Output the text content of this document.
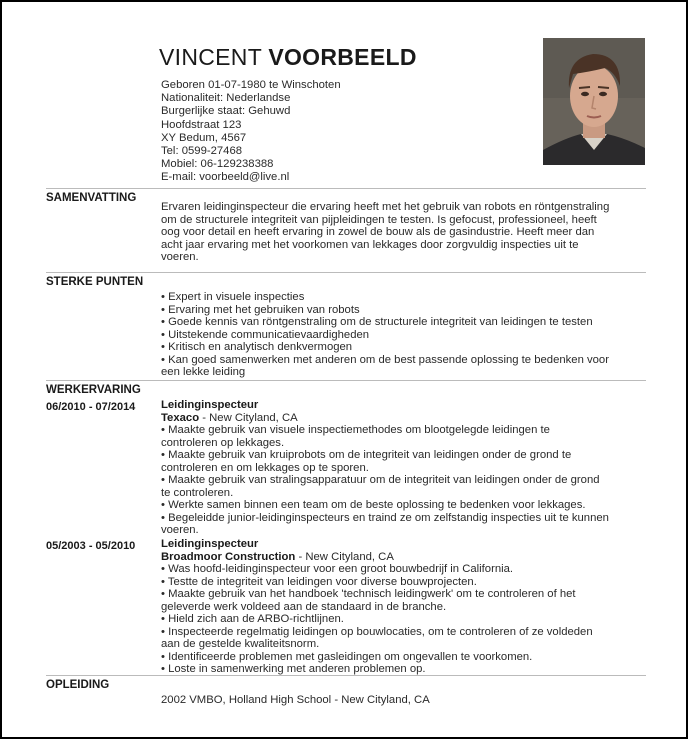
VINCENT VOORBEELD
Geboren 01-07-1980 te Winschoten
Nationaliteit: Nederlandse
Burgerlijke staat: Gehuwd
Hoofdstraat 123
XY Bedum, 4567
Tel: 0599-27468
Mobiel: 06-129238388
E-mail: voorbeeld@live.nl
SAMENVATTING
Ervaren leidinginspecteur die ervaring heeft met het gebruik van robots en röntgenstraling
om de structurele integriteit van pijpleidingen te testen. Is gefocust, professioneel, heeft
oog voor detail en heeft ervaring in zowel de bouw als de gasindustrie. Heeft meer dan
acht jaar ervaring met het voorkomen van lekkages door zorgvuldig inspecties uit te
voeren.
STERKE PUNTEN
• Expert in visuele inspecties
• Ervaring met het gebruiken van robots
• Goede kennis van röntgenstraling om de structurele integriteit van leidingen te testen
• Uitstekende communicatievaardigheden
• Kritisch en analytisch denkvermogen
• Kan goed samenwerken met anderen om de best passende oplossing te bedenken voor
een lekke leiding
WERKERVARING
06/2010 - 07/2014 Leidinginspecteur
Texaco - New Cityland, CA
• Maakte gebruik van visuele inspectiemethodes om blootgelegde leidingen te
controleren op lekkages.
• Maakte gebruik van kruiprobots om de integriteit van leidingen onder de grond te
controleren en om lekkages op te sporen.
• Maakte gebruik van stralingsapparatuur om de integriteit van leidingen onder de grond
te controleren.
• Werkte samen binnen een team om de beste oplossing te bedenken voor lekkages.
• Begeleidde junior-leidinginspecteurs en traind ze om zelfstandig inspecties uit te kunnen
voeren.
05/2003 - 05/2010 Leidinginspecteur
Broadmoor Construction - New Cityland, CA
• Was hoofd-leidinginspecteur voor een groot bouwbedrijf in California.
• Testte de integriteit van leidingen voor diverse bouwprojecten.
• Maakte gebruik van het handboek 'technisch leidingwerk' om te controleren of het
geleverde werk voldeed aan de standaard in de branche.
• Hield zich aan de ARBO-richtlijnen.
• Inspecteerde regelmatig leidingen op bouwlocaties, om te controleren of ze voldeden
aan de gestelde kwaliteitsnorm.
• Identificeerde problemen met gasleidingen om ongevallen te voorkomen.
• Loste in samenwerking met anderen problemen op.
OPLEIDING
2002 VMBO, Holland High School - New Cityland, CA
